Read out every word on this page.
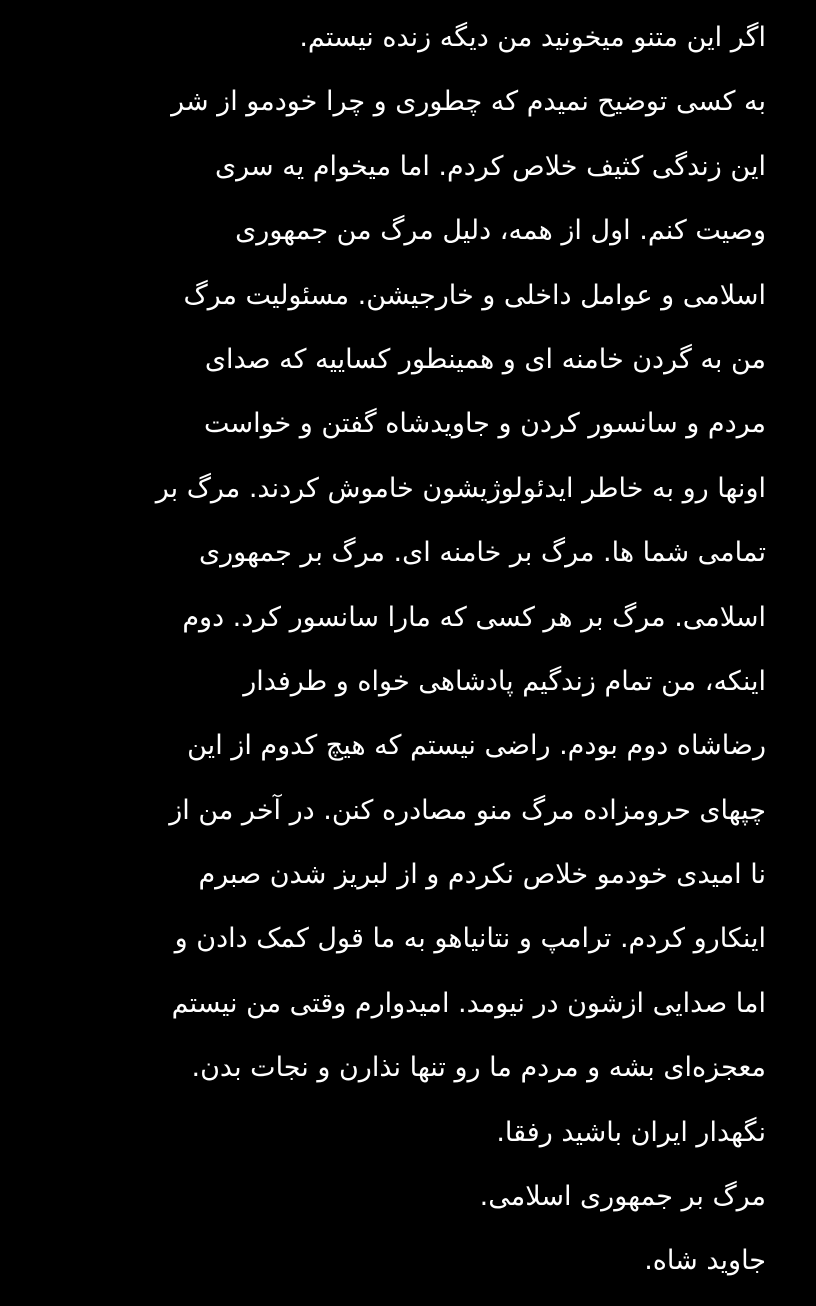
اگر این متنو میخونید من دیگه زنده نیستم.
به کسی توضیح نمیدم که چطوری و چرا خودمو از شر
این زندگی کثیف خلاص کردم. اما میخوام یه سری
وصیت کنم. اول از همه، دلیل مرگ من جمهوری
اسلامی و عوامل داخلی و خارجیشن. مسئولیت مرگ
من به گردن خامنه ای و همینطور کساییه که صدای
مردم و سانسور کردن و جاویدشاه گفتن و خواست
اونها رو به خاطر ایدئولوژیشون خاموش کردند. مرگ بر
تمامی شما ها. مرگ بر خامنه ای. مرگ بر جمهوری
اسلامی. مرگ بر هر کسی که مارا سانسور کرد. دوم
اینکه، من تمام زندگیم پادشاهی خواه و طرفدار
رضاشاه دوم بودم. راضی نیستم که هیچ کدوم از این
چپهای حرومزاده مرگ منو مصادره کنن. در آخر من از
نا امیدی خودمو خلاص نکردم و از لبریز شدن صبرم
اینکارو کردم. ترامپ و نتانیاهو به ما قول کمک دادن و
اما صدایی ازشون در نیومد. امیدوارم وقتی من نیستم
معجزه‌ای بشه و مردم ما رو تنها نذارن و نجات بدن.
نگهدار ایران باشید رفقا.
مرگ بر جمهوری اسلامی.
جاوید شاه.
